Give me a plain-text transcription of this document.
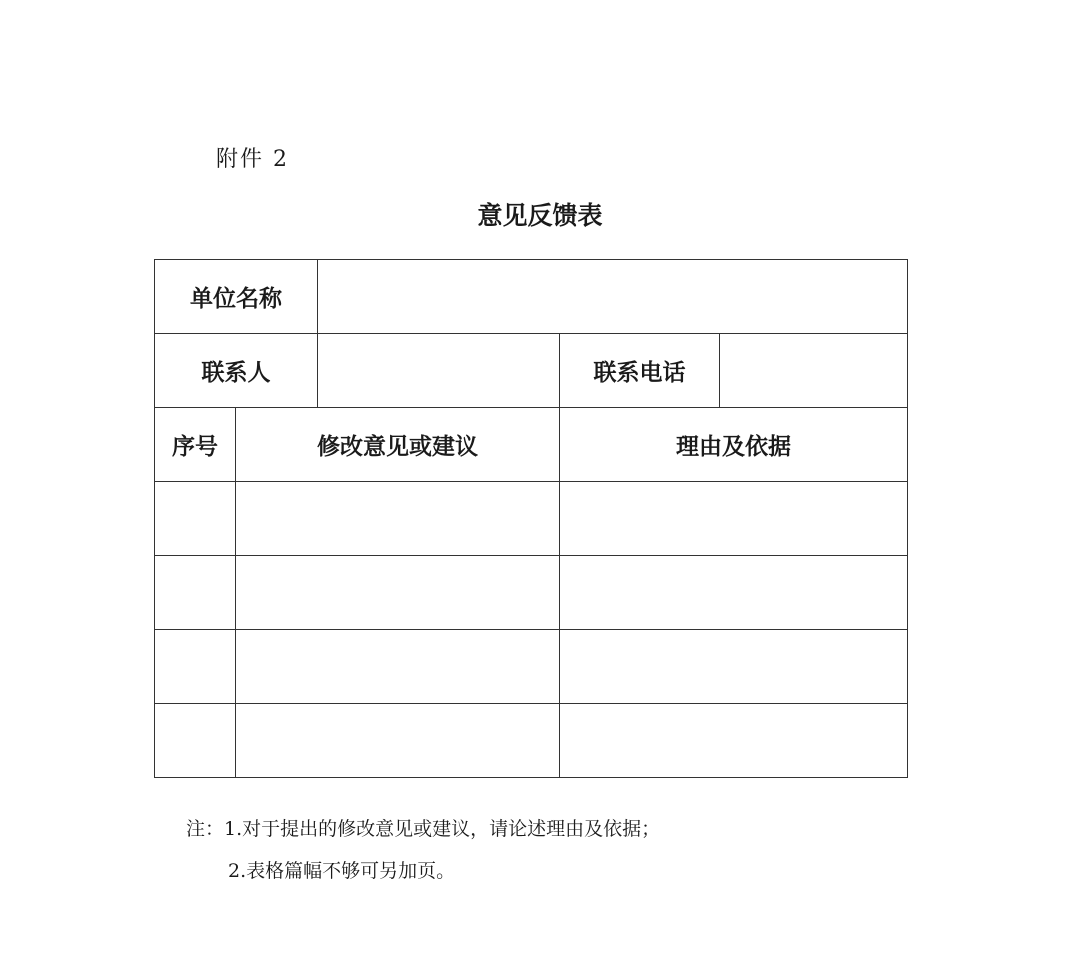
附件 2
意见反馈表
单位名称				
联系人			联系电话	
序号	修改意见或建议		理由及依据	

注：1.对于提出的修改意见或建议，请论述理由及依据；
2.表格篇幅不够可另加页。
